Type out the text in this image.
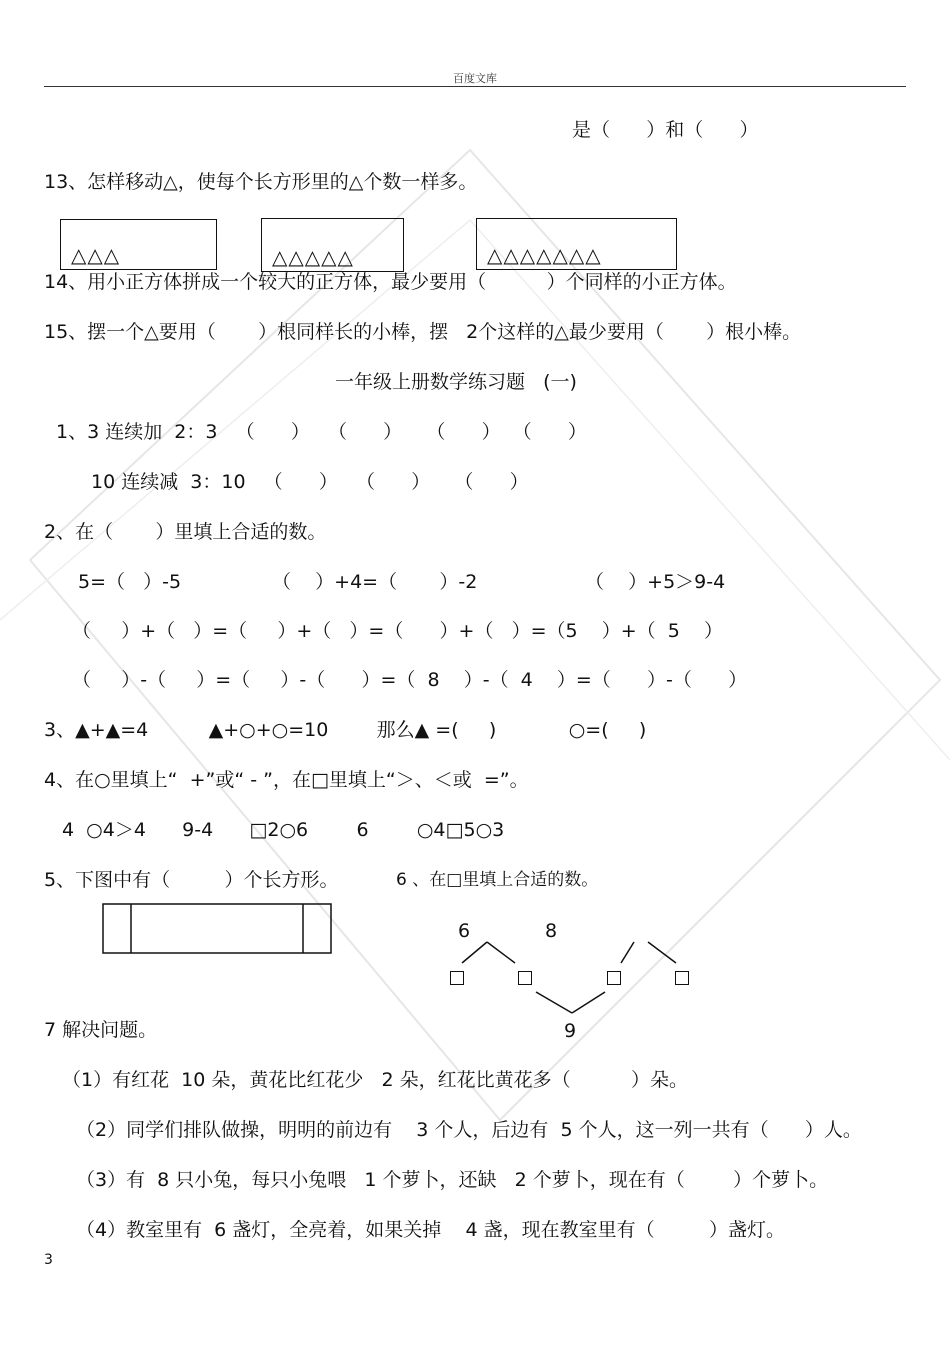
百度文库
是（      ）和（      ）
13、怎样移动△，使每个长方形里的△个数一样多。
△△△	△△△△△	△△△△△△△
14、用小正方体拼成一个较大的正方体，最少要用（          ）个同样的小正方体。
15、摆一个△要用（       ）根同样长的小棒，摆   2个这样的△最少要用（       ）根小棒。
一年级上册数学练习题   (一)
1、3 连续加  2：3   （      ）   （      ）    （      ）  （      ）
10 连续减  3：10   （      ）   （      ）    （      ）
2、在（       ）里填上合适的数。
5=（   ）-5	（    ）+4=（       ）-2	（    ）+5＞9-4
（     ）+（   ）=（     ）+（   ）=（      ）+（   ）=（5    ）+（  5    ）
（     ）-（     ）=（     ）-（      ）=（  8    ）-（  4    ）=（      ）-（      ）
3、▲+▲=4          ▲+○+○=10        那么▲ =(     )            ○=(     )
4、在○里填上“  +”或“ - ”，在□里填上“＞、＜或  =”。
4  ○4＞4      9-4      □2○6        6        ○4□5○3
5、下图中有（         ）个长方形。	6 、在□里填上合适的数。
6	8
9
7 解决问题。
（1）有红花  10 朵，黄花比红花少   2 朵，红花比黄花多（          ）朵。
（2）同学们排队做操，明明的前边有    3 个人，后边有  5 个人，这一列一共有（      ）人。
（3）有  8 只小兔，每只小兔喂   1 个萝卜，还缺   2 个萝卜，现在有（        ）个萝卜。
（4）教室里有  6 盏灯，全亮着，如果关掉    4 盏，现在教室里有（         ）盏灯。
3
